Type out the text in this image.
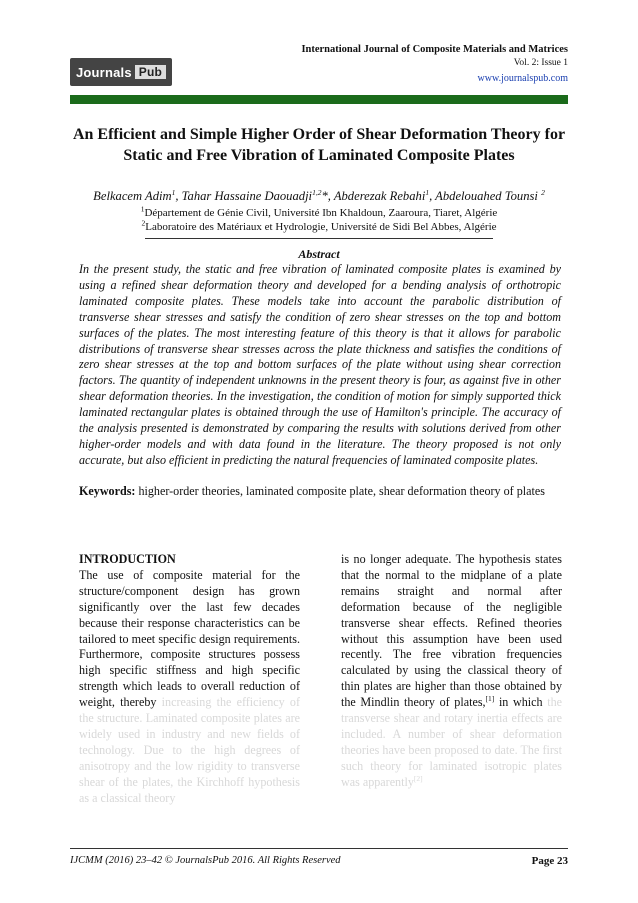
Journals Pub
International Journal of Composite Materials and Matrices
Vol. 2: Issue 1
www.journalspub.com
An Efficient and Simple Higher Order of Shear Deformation Theory for Static and Free Vibration of Laminated Composite Plates
Belkacem Adim$^1$, Tahar Hassaine Daouadji$^{1,2}$*, Abderezak Rebahi$^1$, Abdelouahed Tounsi $^2$
$^1$Département de Génie Civil, Université Ibn Khaldoun, Zaaroura, Tiaret, Algérie
$^2$Laboratoire des Matériaux et Hydrologie, Université de Sidi Bel Abbes, Algérie
Abstract
In the present study, the static and free vibration of laminated composite plates is examined by using a refined shear deformation theory and developed for a bending analysis of orthotropic laminated composite plates. These models take into account the parabolic distribution of transverse shear stresses and satisfy the condition of zero shear stresses on the top and bottom surfaces of the plates. The most interesting feature of this theory is that it allows for parabolic distributions of transverse shear stresses across the plate thickness and satisfies the conditions of zero shear stresses at the top and bottom surfaces of the plate without using shear correction factors. The quantity of independent unknowns in the present theory is four, as against five in other shear deformation theories. In the investigation, the condition of motion for simply supported thick laminated rectangular plates is obtained through the use of Hamilton's principle. The accuracy of the analysis presented is demonstrated by comparing the results with solutions derived from other higher-order models and with data found in the literature. The theory proposed is not only accurate, but also efficient in predicting the natural frequencies of laminated composite plates.
Keywords: higher-order theories, laminated composite plate, shear deformation theory of plates
INTRODUCTION
The use of composite material for the structure/component design has grown significantly over the last few decades because their response characteristics can be tailored to meet specific design requirements. Furthermore, composite structures possess high specific stiffness and high specific strength which leads to overall reduction of weight, thereby increasing the efficiency of the structure. Laminated composite plates are widely used in industry and new fields of technology. Due to the high degrees of anisotropy and the low rigidity to transverse shear of the plates, the Kirchhoff hypothesis as a classical theory
is no longer adequate. The hypothesis states that the normal to the midplane of a plate remains straight and normal after deformation because of the negligible transverse shear effects. Refined theories without this assumption have been used recently. The free vibration frequencies calculated by using the classical theory of thin plates are higher than those obtained by the Mindlin theory of plates,[1] in which the transverse shear and rotary inertia effects are included. A number of shear deformation theories have been proposed to date. The first such theory for laminated isotropic plates was apparently[2]
IJCMM (2016) 23–42 © JournalsPub 2016. All Rights Reserved	Page 23
